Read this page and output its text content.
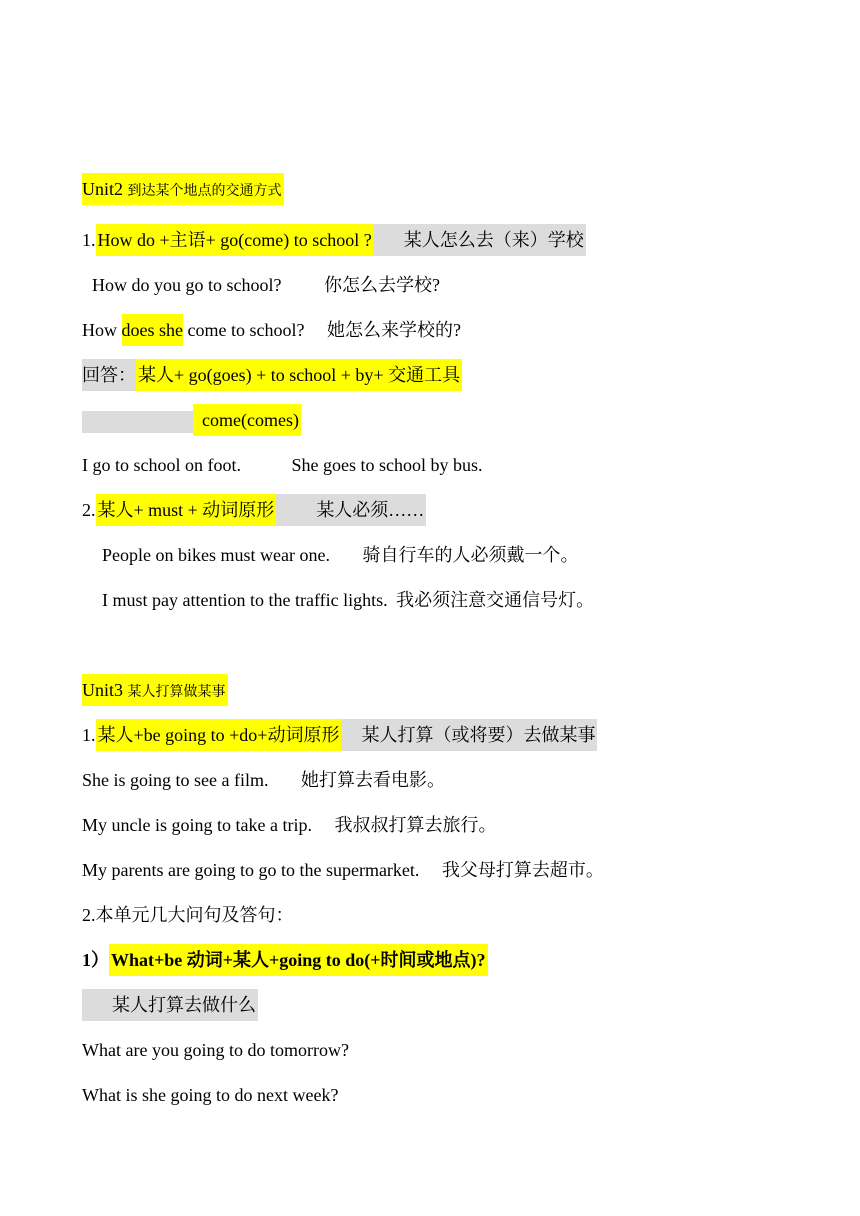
Unit2 到达某个地点的交通方式
1. How do +主语+ go(come) to school ? 某人怎么去（来）学校
How do you go to school? 你怎么去学校?
How does she come to school? 她怎么来学校的?
回答： 某人+ go(goes) + to school + by+ 交通工具
come(comes)
I go to school on foot.	She goes to school by bus.
2. 某人+ must + 动词原形 某人必须……
People on bikes must wear one. 骑自行车的人必须戴一个。
I must pay attention to the traffic lights. 我必须注意交通信号灯。
Unit3 某人打算做某事
1. 某人+be going to +do+动词原形 某人打算（或将要）去做某事
She is going to see a film. 她打算去看电影。
My uncle is going to take a trip. 我叔叔打算去旅行。
My parents are going to go to the supermarket. 我父母打算去超市。
2.本单元几大问句及答句：
1） What+be 动词+某人+going to do(+时间或地点)?
某人打算去做什么
What are you going to do tomorrow?
What is she going to do next week?
